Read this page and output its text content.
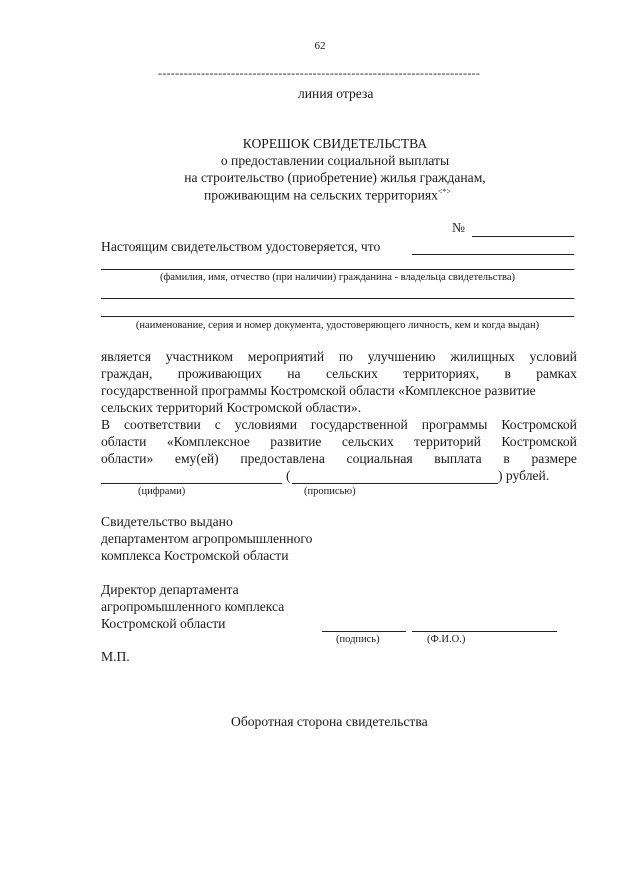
62
---------------------------------------------------------------------------
линия отреза
КОРЕШОК СВИДЕТЕЛЬСТВА
о предоставлении социальной выплаты
на строительство (приобретение) жилья гражданам,
проживающим на сельских территориях<*>
№
Настоящим свидетельством удостоверяется, что
(фамилия, имя, отчество (при наличии) гражданина - владельца свидетельства)
(наименование, серия и номер документа, удостоверяющего личность, кем и когда выдан)
является участником мероприятий по улучшению жилищных условий
граждан, проживающих на сельских территориях, в рамках
государственной программы Костромской области «Комплексное развитие
сельских территорий Костромской области».
В соответствии с условиями государственной программы Костромской
области «Комплексное развитие сельских территорий Костромской
области» ему(ей) предоставлена социальная выплата в размере
(	) рублей.
(цифрами)	(прописью)
Свидетельство выдано
департаментом агропромышленного
комплекса Костромской области
Директор департамента
агропромышленного комплекса
Костромской области
(подпись)	(Ф.И.О.)
М.П.
Оборотная сторона свидетельства
